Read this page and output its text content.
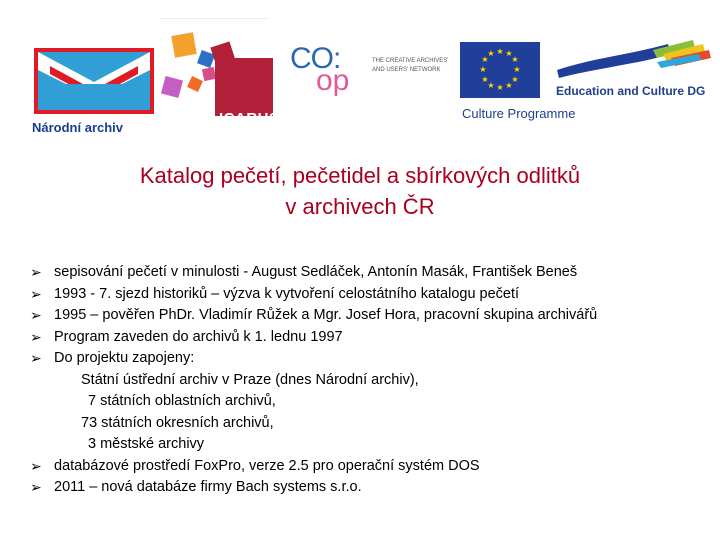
Národní archiv
ICARUS
CO:
op
THE CREATIVE ARCHIVES' AND USERS' NETWORK
★ ★
★
★
★
★
★
★
★
★
★
★
Culture Programme
Education and Culture DG
Katalog pečetí, pečetidel a sbírkových odlitků
v archivech ČR
➢ sepisování pečetí v minulosti - August Sedláček, Antonín Masák, František Beneš
➢ 1993 - 7. sjezd historiků – výzva k vytvoření celostátního katalogu pečetí
➢ 1995 – pověřen PhDr. Vladimír Růžek a Mgr. Josef Hora, pracovní skupina archivářů
➢ Program zaveden do archivů k 1. lednu 1997
➢ Do projektu zapojeny:
Státní ústřední archiv v Praze (dnes Národní archiv),
7 státních oblastních archivů,
73 státních okresních archivů,
3 městské archivy
➢ databázové prostředí FoxPro, verze 2.5 pro operační systém DOS
➢ 2011 – nová databáze firmy Bach systems s.r.o.
